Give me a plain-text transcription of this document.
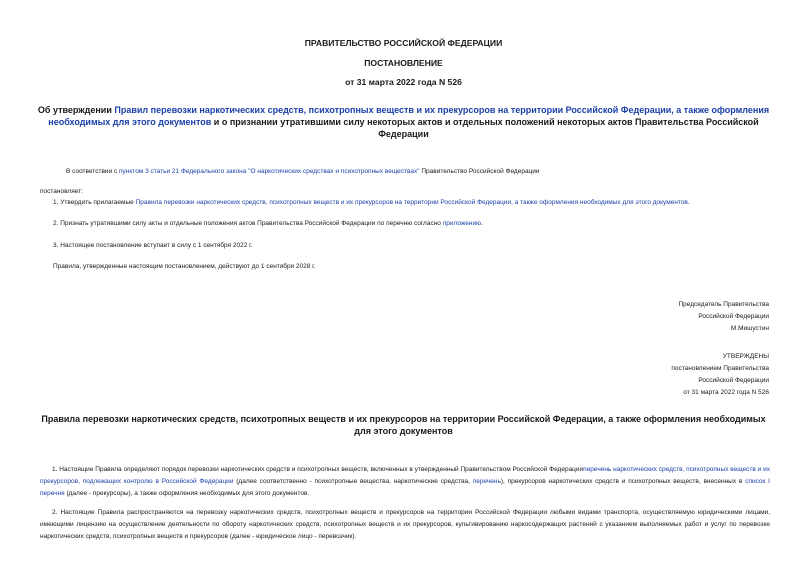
ПРАВИТЕЛЬСТВО РОССИЙСКОЙ ФЕДЕРАЦИИ
ПОСТАНОВЛЕНИЕ
от 31 марта 2022 года N 526
Об утверждении Правил перевозки наркотических средств, психотропных веществ и их прекурсоров на территории Российской Федерации, а также оформления необходимых для этого документов и о признании утратившими силу некоторых актов и отдельных положений некоторых актов Правительства Российской Федерации
В соответствии с пунктом 3 статьи 21 Федерального закона "О наркотических средствах и психотропных веществах" Правительство Российской Федерации
постановляет:
1. Утвердить прилагаемые Правила перевозки наркотических средств, психотропных веществ и их прекурсоров на территории Российской Федерации, а также оформления необходимых для этого документов.
2. Признать утратившими силу акты и отдельные положения актов Правительства Российской Федерации по перечню согласно приложению.
3. Настоящее постановление вступает в силу с 1 сентября 2022 г.
Правила, утвержденные настоящим постановлением, действуют до 1 сентября 2028 г.
Председатель Правительства
Российской Федерации
М.Мишустин
УТВЕРЖДЕНЫ
постановлением Правительства
Российской Федерации
от 31 марта 2022 года N 526
Правила перевозки наркотических средств, психотропных веществ и их прекурсоров на территории Российской Федерации, а также оформления необходимых для этого документов
1. Настоящие Правила определяют порядок перевозки наркотических средств и психотропных веществ, включенных в утвержденный Правительством Российской Федерацииперечень наркотических средств, психотропных веществ и их прекурсоров, подлежащих контролю в Российской Федерации (далее соответственно - психотропные вещества, наркотические средства, перечень), прекурсоров наркотических средств и психотропных веществ, внесенных в список I перечня (далее - прекурсоры), а также оформления необходимых для этого документов.
2. Настоящие Правила распространяются на перевозку наркотических средств, психотропных веществ и прекурсоров на территории Российской Федерации любыми видами транспорта, осуществляемую юридическими лицами, имеющими лицензию на осуществление деятельности по обороту наркотических средств, психотропных веществ и их прекурсоров, культивированию наркосодержащих растений с указанием выполняемых работ и услуг по перевозке наркотических средств, психотропных веществ и прекурсоров (далее - юридическое лицо - перевозчик).
